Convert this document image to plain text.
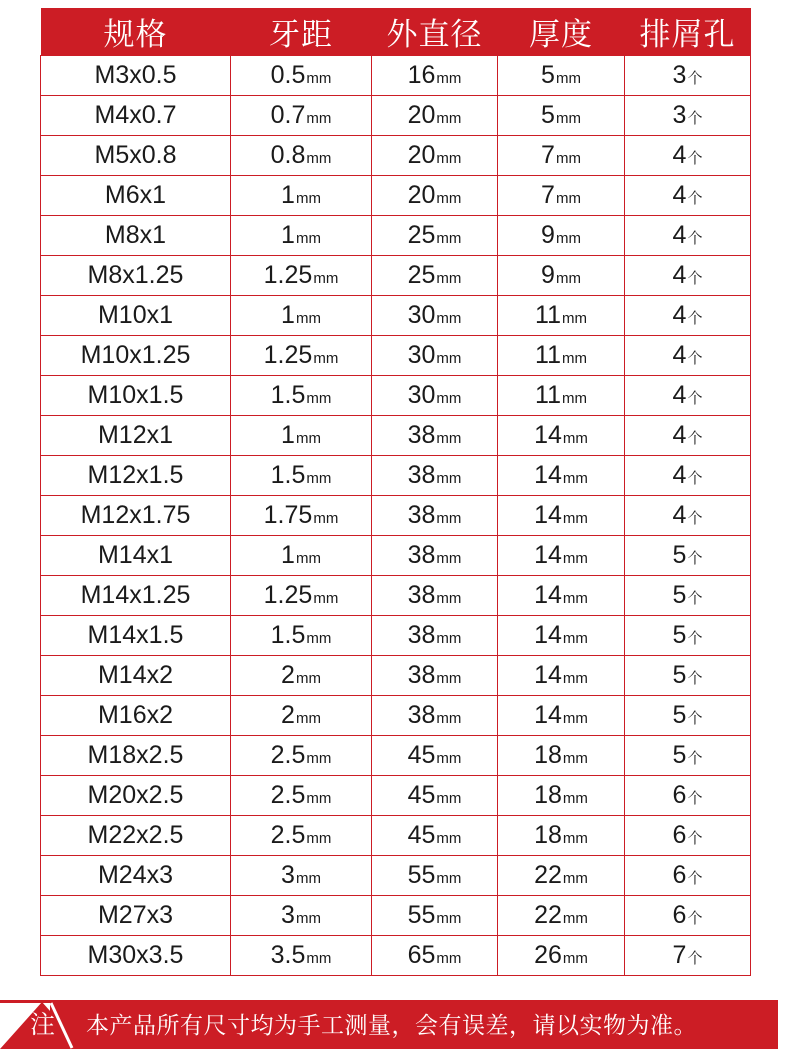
规格	牙距	外直径	厚度	排屑孔
M3x0.5	0.5mm	16mm	5mm	3个
M4x0.7	0.7mm	20mm	5mm	3个
M5x0.8	0.8mm	20mm	7mm	4个
M6x1	1mm	20mm	7mm	4个
M8x1	1mm	25mm	9mm	4个
M8x1.25	1.25mm	25mm	9mm	4个
M10x1	1mm	30mm	11mm	4个
M10x1.25	1.25mm	30mm	11mm	4个
M10x1.5	1.5mm	30mm	11mm	4个
M12x1	1mm	38mm	14mm	4个
M12x1.5	1.5mm	38mm	14mm	4个
M12x1.75	1.75mm	38mm	14mm	4个
M14x1	1mm	38mm	14mm	5个
M14x1.25	1.25mm	38mm	14mm	5个
M14x1.5	1.5mm	38mm	14mm	5个
M14x2	2mm	38mm	14mm	5个
M16x2	2mm	38mm	14mm	5个
M18x2.5	2.5mm	45mm	18mm	5个
M20x2.5	2.5mm	45mm	18mm	6个
M22x2.5	2.5mm	45mm	18mm	6个
M24x3	3mm	55mm	22mm	6个
M27x3	3mm	55mm	22mm	6个
M30x3.5	3.5mm	65mm	26mm	7个
注 本产品所有尺寸均为手工测量，会有误差，请以实物为准。
